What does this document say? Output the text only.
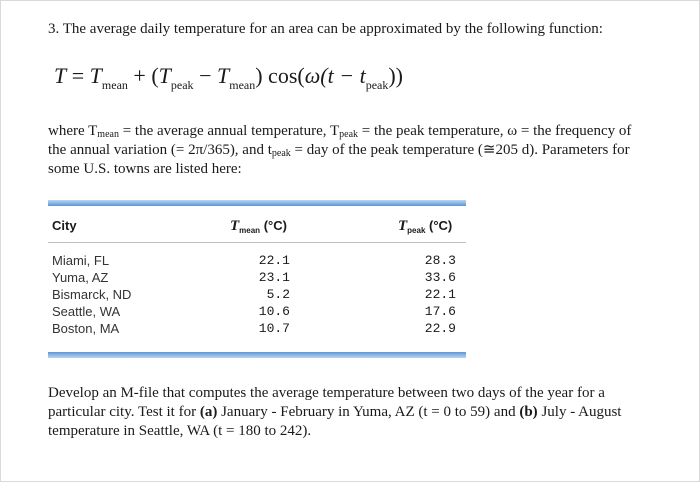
3. The average daily temperature for an area can be approximated by the following function:

$T = T_{mean} + (T_{peak} - T_{mean}) \cos(\omega(t - t_{peak}))$

where $T_{mean}$ = the average annual temperature, $T_{peak}$ = the peak temperature, ω = the frequency of the annual variation (= 2π/365), and $t_{peak}$ = day of the peak temperature (≅205 d). Parameters for some U.S. towns are listed here:

City	$T_{mean}$ (°C)	$T_{peak}$ (°C)
Miami, FL
Yuma, AZ
Bismarck, ND
Seattle, WA
Boston, MA
22.1
23.1
5.2
10.6
10.7
28.3
33.6
22.1
17.6
22.9

Develop an M-file that computes the average temperature between two days of the year for a particular city. Test it for (a) January - February in Yuma, AZ (t = 0 to 59) and (b) July - August temperature in Seattle, WA (t = 180 to 242).
